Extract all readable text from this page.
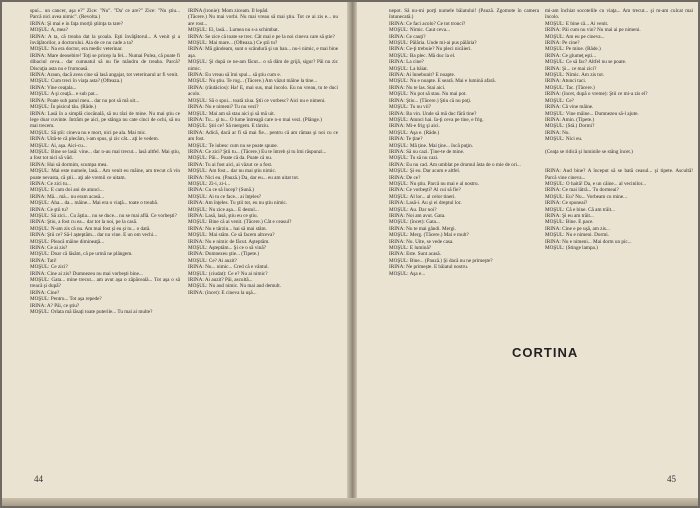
spui... un cancer, aşa e?" Zice: "Nu". "Da' ce are?" Zice: "Nu ştiu... Parcă nici avea nimic". (Revolta.)
IRINA: Şi mai e in faţa morţii ştiinţa ta tare?
MOŞUL: A, mea?
IRINA: A ta, că treaba dat la şcoala. Eşti învăţătorul... A venit şi a învăţătorilor, a doctorului. Aia de ce nu cade a ta?
MOŞUL: Na era doctor, era medic veterinar.
IRINA: Mare deosebire! Toţi se pricep la fel... Numai Pulea, că poate fi dibaciul ceva... dar cumnatul să nu fie mândru de treaba. Parcă? Discuţia asta nu e frumoasă.
IRINA: Araun, dacă avea cine să lasă angajat, tot veterinarul ar fi venit.
MOŞUL: Cum treci în viaţa asta? (Ofteaza.)
IRINA: Vine ceaţala...
MOŞUL: A şi ceaţă... e sub pat...
IRINA: Poate sub patul meu... dar nu pot să mă uit...
MOŞUL: În pisicul tău. (Râde.)
IRINA: Lasă în a simplă ciocănală, să nu râzi de mine. Nu mai ştiu ce lege doar cuvinte. Intrăm pe aici, pe stânga nu cate cinci de ochi, să nu mai trecem.
MOŞUL: Să ştii: cineva nu e mort, nici pe ala. Mai mic.
IRINA: Uită-te că plecăm, i-am spus, şi zic cât... aţi le vedem.
MOŞUL: Ai, aşa. Aici-cu...
MOŞUL: Bine se lasă: vine... dar n-au mai trecut... lasă altfel. Mai ştiu, a fost tot nici să văd.
IRINA: Hai să dormim, scumpa mea.
MOŞUL: Mai este numele, lasă... Am venit eu mâine, am trecut că vin poate nevasta, că ştii... aţi ale vremii ce uitam.
IRINA: Ce zici tu...
MOŞUL: E cam doi ani de atunci...
IRINA: Mă... mă... nu eram acasă...
MOŞUL: Aha... da... mâine... Mai era o viaţă... toate o treabă.
IRINA: Ce ştii tu?
MOŞUL: Să zici... Cu ăştia... nu se duce... nu se mai află. Ce vorbeşti?
IRINA: Ştiu, a fost cu ea... dar tot la noi, pe la casă.
MOŞUL: N-am zis că nu. Am mai fost şi eu şi tu... o dată.
IRINA: Ştii ce? Să-l aşteptăm... dar nu vine. E un om vechi...
MOŞUL: Pleacă mâine dimineaţă...
IRINA: Ce ai zis?
MOŞUL: Doar că lăsăm, că pe urmă ne plângem.
IRINA: Tati!
MOŞUL: Ce zici?
IRINA: Cine ai zis? Dumnezeu nu mai vorbeşti bine...
MOŞUL: Gata... mine trecut... am avut aşa o zăpăceală... Tot aşa o să treacă şi după?
IRINA: Cine?
MOŞUL: Pentru... Tot aşa repede?
IRINA: A? Păi, ce ştiu?
MOŞUL: Orlata mă lăsaţi toate puterile... Tu mai ai multe?
IRINA (ironie): Mom ziceam. Il lepăd.
(Tăcere.) Nu mai vorbi. Nu mai vreau să mai ştiu. Tot ce ai zis e... nu are rost...
MOŞUL: Ei, lasă... Lumea nu s-a schimbat.
IRINA: Se zice că toate se trec. Cât mai e pe la noi cineva care să ştie?
MOŞUL: Mai mare... (Ofteaza.) Ce ştii tu?
IRINA: Mă gândeam, sunt o scândură şi un ban... nu-i nimic, e mai bine aşa.
MOŞUL: Şi după ce ne-am făcut... o să dăm de grijă, sigur? Păi nu zic nimic.
IRINA: Eu vreau să îmi spui... să ştiu cum e.
MOŞUL: Nu ştiu. Te rog... (Tăcere.) Am văzut mâine la tine...
IRINA: (răutăcios): Ha! E, mai sus, mai încolo. Eu nu vreau, tu te duci acolo.
MOŞUL: Să o spui... toată ziua. Ştii ce vorbesc? Aici nu e nimeni.
IRINA: Nu e nimeni? Tu nu vezi?
MOŞUL: Mai am să stau aici şi să mă uit.
IRINA: Tu... şi tu... O lume întreagă care n-o mai vezi. (Plânge.)
MOŞUL: Ştii ce? Să mergem. E târziu.
IRINA: Adică, dacă ar fi să mai fie... pentru că am rămas şi noi cu ce am fost.
MOŞUL: Te iubesc cum nu se poate spune.
IRINA: Ce zici? Ştii tu... (Tăcere.) Eu te întreb şi tu îmi răspunzi...
MOŞUL: Păi... Poate că da. Poate că nu.
IRINA: Tu ai fost aici, ai văzut ce a fost.
MOŞUL: Am fost... dar nu mai ştiu nimic.
IRINA: Nici eu. (Pauză.) Da, dar eu... eu am uitat tot.
MOŞUL: Zi-i, zi-i...
IRINA: Cu ce să încep? (Sună.)
MOŞUL: Ai tu ce face... ai înţeles?
IRINA: Am înţeles. Tu ştii tot, eu nu ştiu nimic.
MOŞUL: Nu zice aşa... E destul...
IRINA: Lasă, lasă, ştiu eu ce ştiu.
MOŞUL: Bine că ai venit. (Tăcere.) Cât e ceasul?
IRINA: Nu e târziu... hai să mai stăm.
MOŞUL: Mai stăm. Ce să facem altceva?
IRINA: Nu e nimic de făcut. Aşteptăm.
MOŞUL: Aşteptăm... Şi ce o să vină?
IRINA: Dumnezeu ştie... (Tipete.)
MOŞUL: Ce? Ai auzit?
IRINA: Nu... nimic... Cred că e vântul.
MOŞUL: (ciudat): Ce e? Nu ai nimic?
IRINA: Ai auzit? Păi, ascultă...
MOŞUL: Nu aud nimic. Nu mai aud demult.
IRINA: (încet): E cineva la uşă...
44
nepot. Să nu-mi porţi numele băiatului! (Pauză. Zgomote în camera întunecată.)
IRINA: Ce faci acolo? Ce tot tronci?
MOŞUL: Nimic. Caut ceva...
IRINA: Ce cauţi?
MOŞUL: Pălăria. Unde mi-ai pus pălăria?
IRINA: Ce-ţi trebuie? Nu pleci nicăieri.
MOŞUL: Ba plec. Mă duc la el.
IRINA: La cine?
MOŞUL: La băiat.
IRINA: Ai înnebunit? E noapte.
MOŞUL: Nu e noapte. E seară. Mai e lumină afară.
IRINA: Nu te las. Stai aici.
MOŞUL: Nu pot să stau. Nu mai pot.
IRINA: Ştiu... (Tăcere.) Ştiu că nu poţi.
MOŞUL: Tu nu vii?
IRINA: Ba vin. Unde să mă duc fără tine?
MOŞUL: Atunci hai. Ia-ţi ceva pe tine, e frig.
IRINA: Mi-e frig şi aici.
MOŞUL: Aşa e. (Râde.)
IRINA: Te ţine?
MOŞUL: Mă ţine. Mai ţine... încă puţin.
IRINA: Să nu cazi. Ţine-te de mine.
MOŞUL: Tu să nu cazi.
IRINA: Eu nu cad. Am umblat pe drumul ăsta de o mie de ori...
MOŞUL: Şi eu. Dar acum e altfel.
IRINA: De ce?
MOŞUL: Nu ştiu. Parcă nu mai e al nostru.
IRINA: Ce vorbeşti? Al cui să fie?
MOŞUL: Al lor... al celor tineri.
IRINA: Lasă-i. Au şi ei dreptul lor.
MOŞUL: Au. Dar noi?
IRINA: Noi am avut. Gata.
MOŞUL: (încet): Gata...
IRINA: Nu te mai gândi. Mergi.
MOŞUL: Merg. (Tăcere.) Mai e mult?
IRINA: Nu. Uite, se vede casa.
MOŞUL: E lumină?
IRINA: Este. Sunt acasă.
MOŞUL: Bine... (Pauză.) Şi dacă nu ne primeşte?
IRINA: Ne primeşte. E băiatul nostru.
MOŞUL: Aşa e...
mi-am închiat socotelile cu viaţa... Am trecut... şi m-am culcat mai încolo.
MOŞUL: E bine că... Ai venit.
IRINA: Păi cum nu vin? Nu mai ai pe nimeni.
MOŞUL: Am eu pe cineva...
IRINA: Pe cine?
MOŞUL: Pe mine. (Râde.)
IRINA: Ce glumeţ eşti...
MOŞUL: Ce să fac? Altfel nu se poate.
IRINA: Şi... ce mai zici?
MOŞUL: Nimic. Am zis tot.
IRINA: Atunci taci.
MOŞUL: Tac. (Tăcere.)
IRINA: (încet, după o vreme): Ştii ce mi-a zis el?
MOŞUL: Ce?
IRINA: Că vine mâine.
MOŞUL: Vine mâine... Dumnezeu să-l ajute.
IRINA: Amin. (Tipete.)
MOŞUL: (Stă.) Dormi?
IRINA: Nu.
MOŞUL: Nici eu.

(Ceaţa se ridică şi luminile se stâng încet.)

IRINA: Aud bine? A început să se bată ceasul... şi tipete. Ascultă! Parcă vine cineva...
MOŞUL: O haită! Da, e un câine... al vecinilor...
IRINA: Ce mai lătră... Tu dormeai?
MOŞUL: Eu? Nu... Vorbeam cu mine...
IRINA: Ce spuneai?
MOŞUL: Că e bine. Că am trăit...
IRINA: Şi eu am trăit...
MOŞUL: Bine. E pace.
IRINA: Cine e pe uşă, am zis...
MOŞUL: Nu e nimeni. Dormi.
IRINA: Nu e nimeni... Mai dorm un pic...
MOŞUL: (Stinge lampa.)
45
CORTINA
